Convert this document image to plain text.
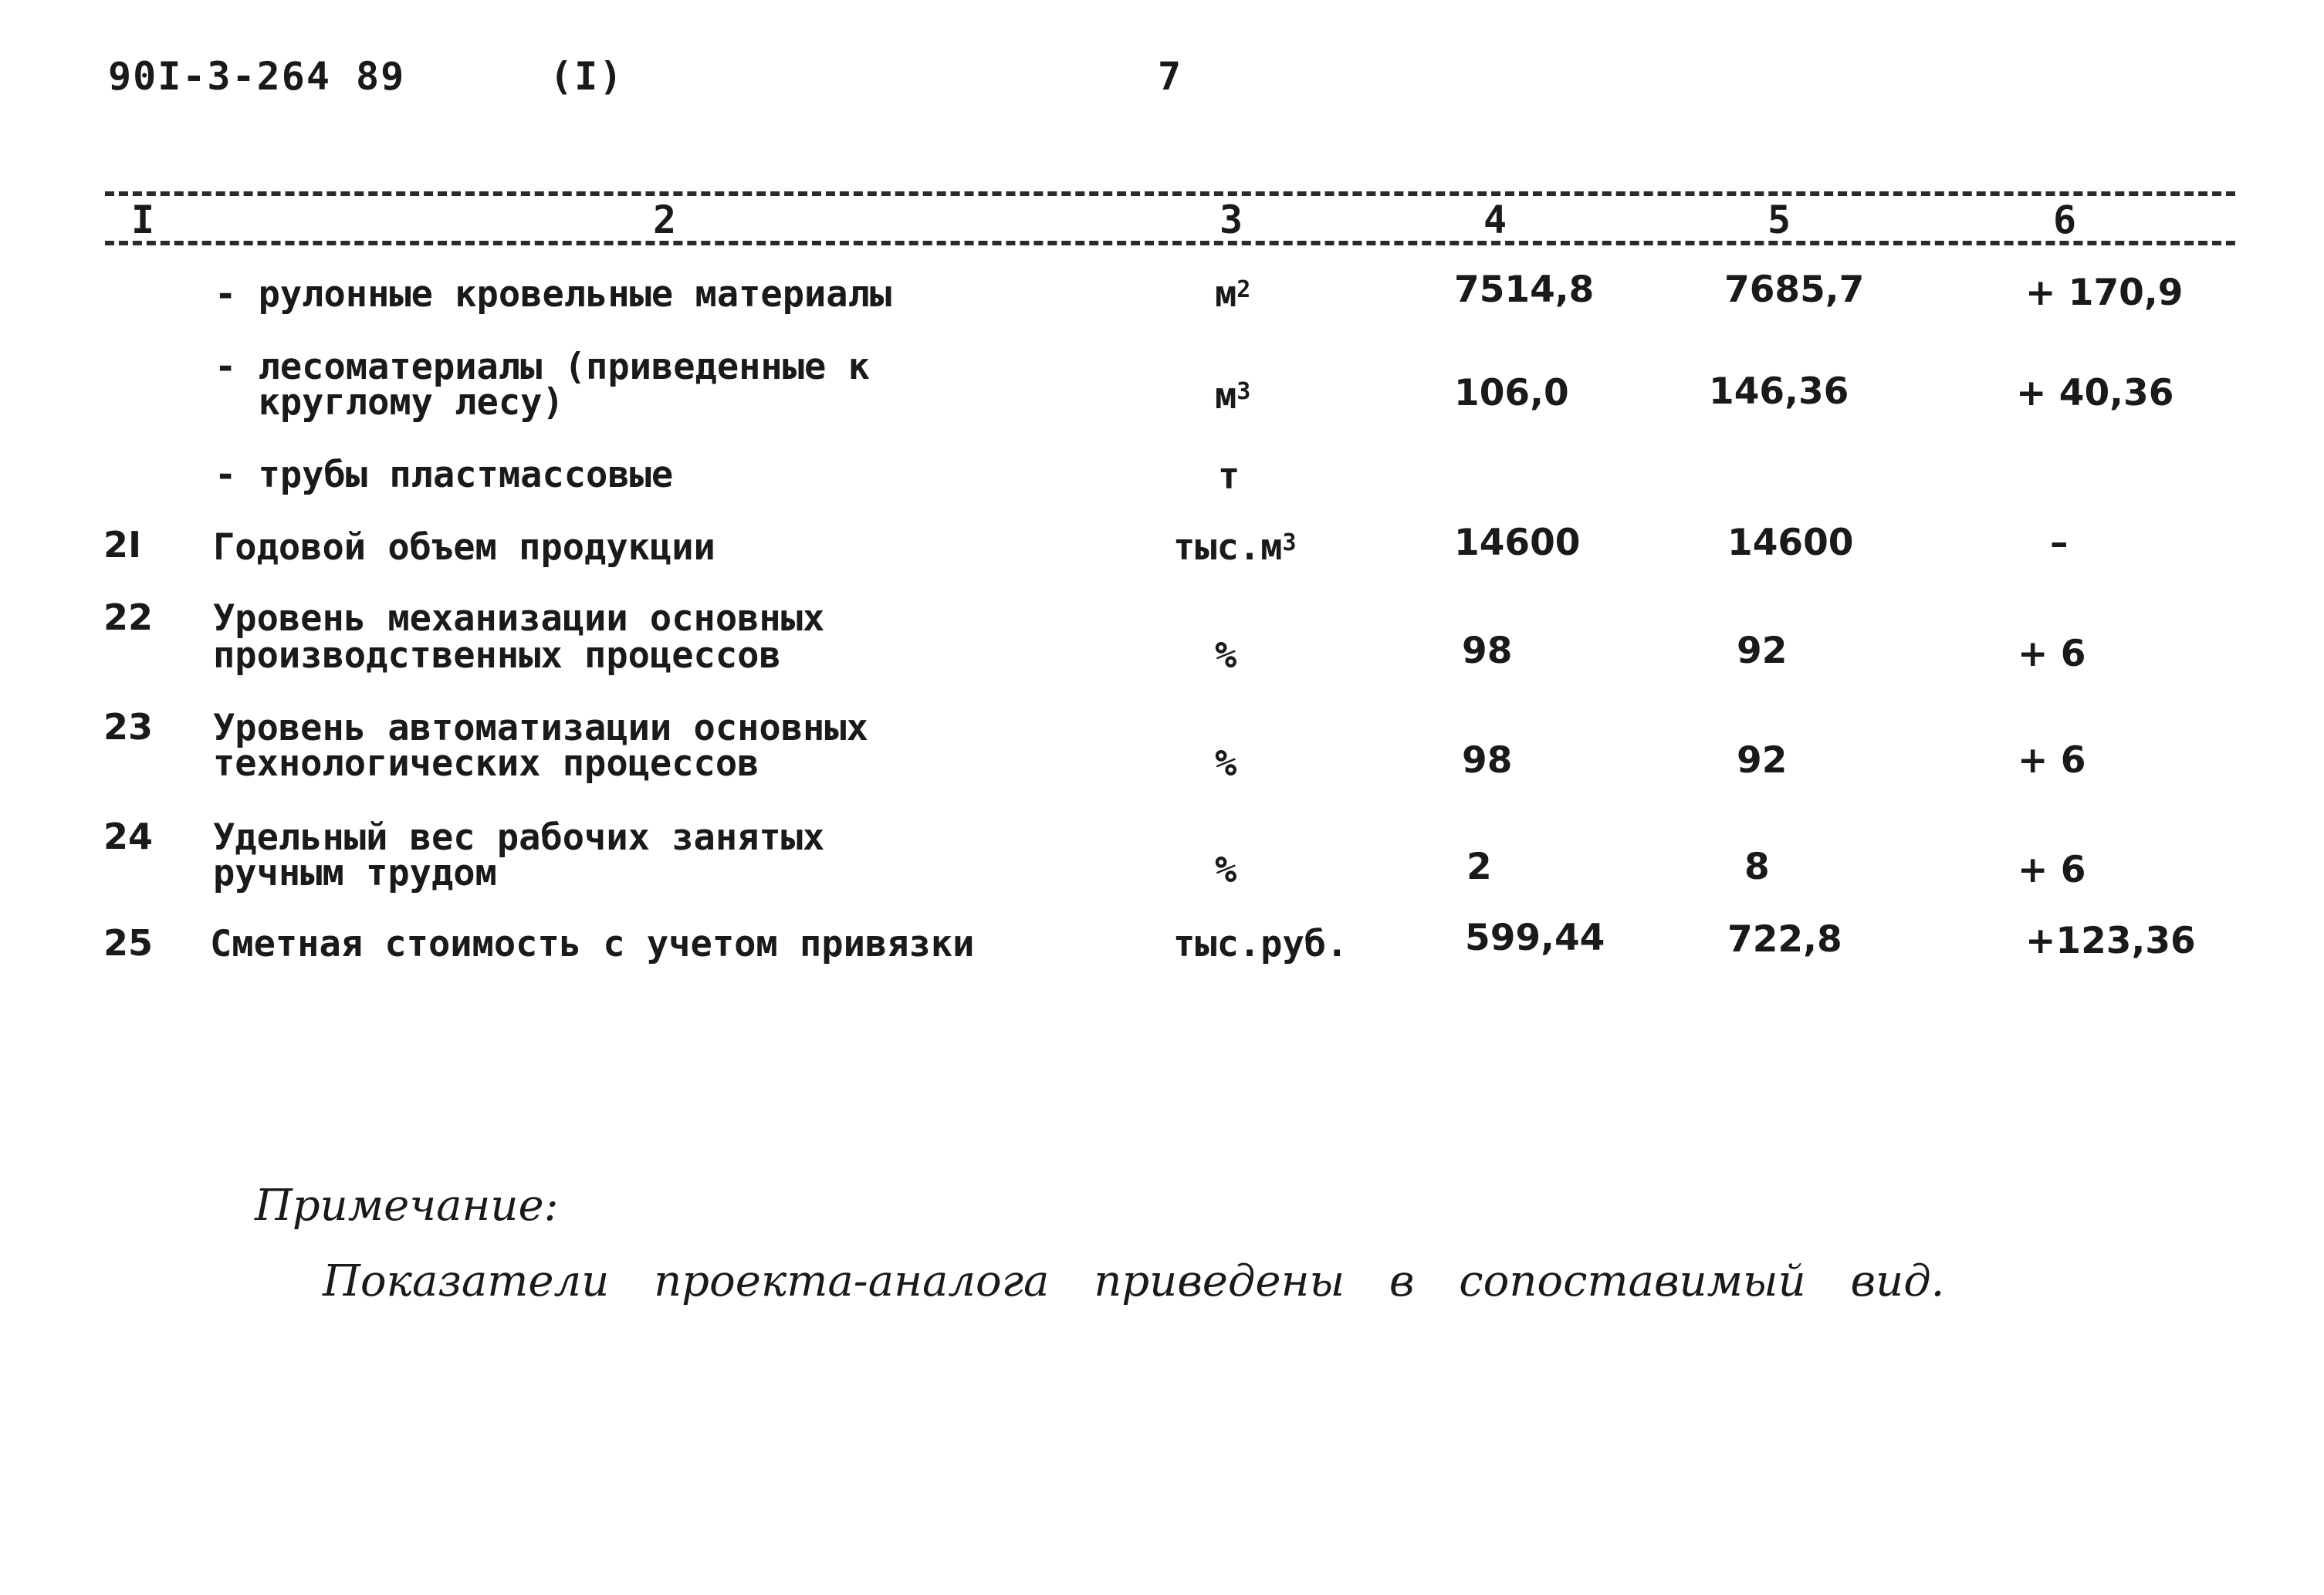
90I-3-264 89	(I)	7
I	2	3	4	5	6
- рулонные кровельные материалы	$м^2$	7514,8	7685,7	+ 170,9
- лесоматериалы (приведенные к
круглому лесу)	$м^3$	106,0	146,36	+ 40,36
- трубы пластмассовые	т
2I Годовой объем продукции	$тыс.м^3$	14600	14600	–
22 Уровень механизации основных
производственных процессов	%	98	92	+ 6
23 Уровень автоматизации основных
технологических процессов	%	98	92	+ 6
24 Удельный вес рабочих занятых
ручным трудом	%	2	8	+ 6
25 Сметная стоимость с учетом привязки	тыс.руб.	599,44	722,8	+123,36
Примечание:
Показатели проекта-аналога приведены в сопоставимый вид.
